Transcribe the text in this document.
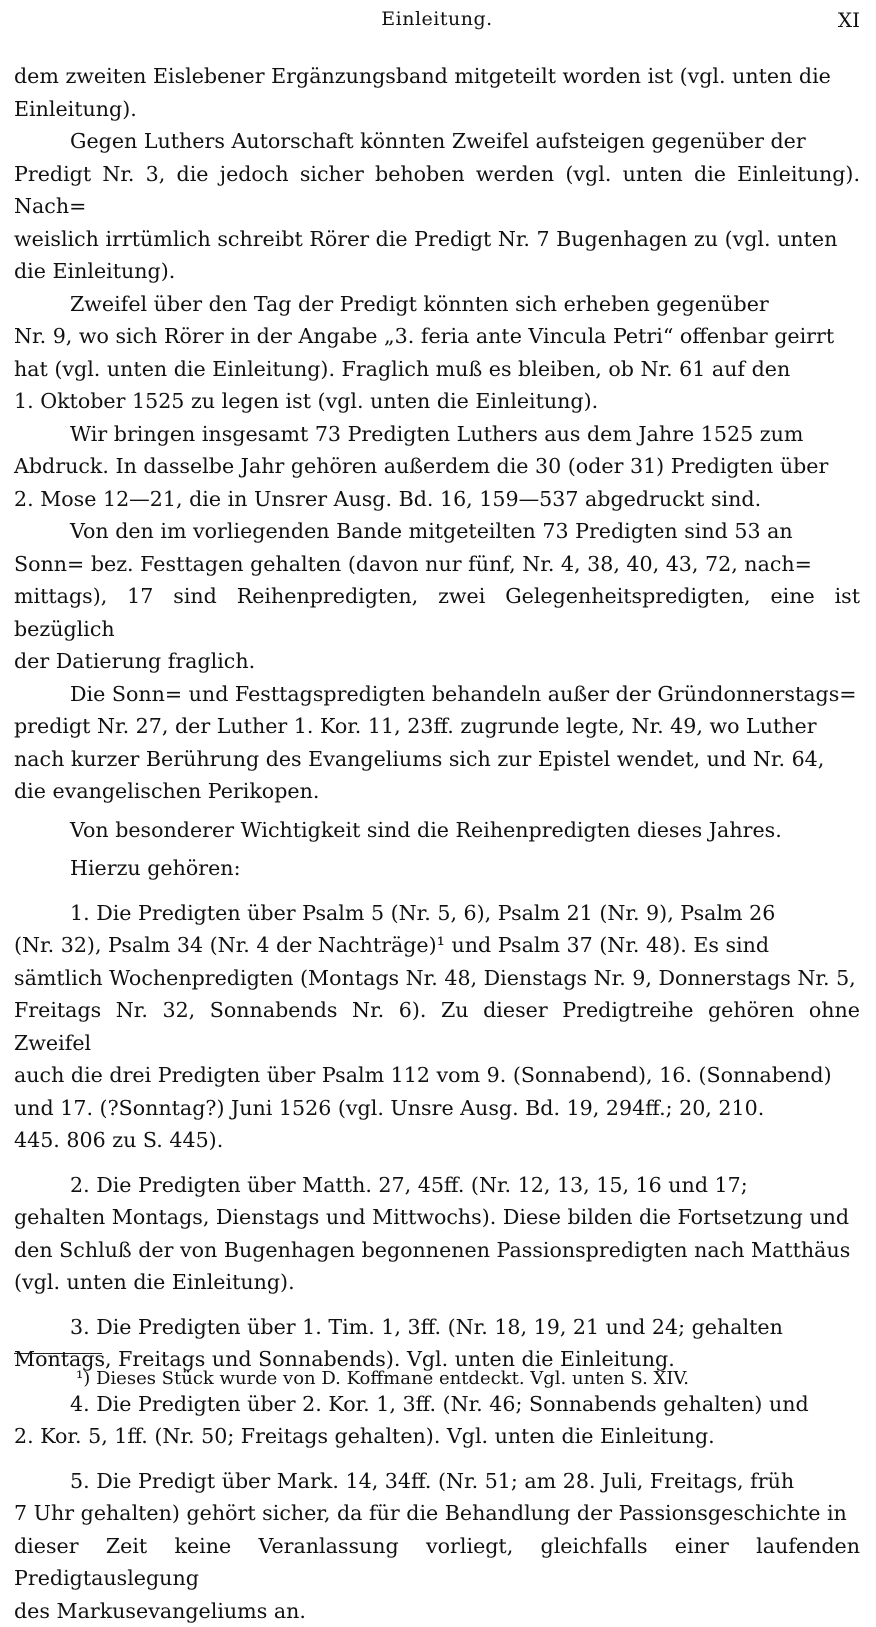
Einleitung.	XI
dem zweiten Eislebener Ergänzungsband mitgeteilt worden ist (vgl. unten die
Einleitung).
Gegen Luthers Autorschaft könnten Zweifel aufsteigen gegenüber der
Predigt Nr. 3, die jedoch sicher behoben werden (vgl. unten die Einleitung). Nach=
weislich irrtümlich schreibt Rörer die Predigt Nr. 7 Bugenhagen zu (vgl. unten
die Einleitung).
Zweifel über den Tag der Predigt könnten sich erheben gegenüber
Nr. 9, wo sich Rörer in der Angabe „3. feria ante Vincula Petri“ offenbar geirrt
hat (vgl. unten die Einleitung). Fraglich muß es bleiben, ob Nr. 61 auf den
1. Oktober 1525 zu legen ist (vgl. unten die Einleitung).
Wir bringen insgesamt 73 Predigten Luthers aus dem Jahre 1525 zum
Abdruck. In dasselbe Jahr gehören außerdem die 30 (oder 31) Predigten über
2. Mose 12—21, die in Unsrer Ausg. Bd. 16, 159—537 abgedruckt sind.
Von den im vorliegenden Bande mitgeteilten 73 Predigten sind 53 an
Sonn= bez. Festtagen gehalten (davon nur fünf, Nr. 4, 38, 40, 43, 72, nach=
mittags), 17 sind Reihenpredigten, zwei Gelegenheitspredigten, eine ist bezüglich
der Datierung fraglich.
Die Sonn= und Festtagspredigten behandeln außer der Gründonnerstags=
predigt Nr. 27, der Luther 1. Kor. 11, 23ff. zugrunde legte, Nr. 49, wo Luther
nach kurzer Berührung des Evangeliums sich zur Epistel wendet, und Nr. 64,
die evangelischen Perikopen.
Von besonderer Wichtigkeit sind die Reihenpredigten dieses Jahres.
Hierzu gehören:
1. Die Predigten über Psalm 5 (Nr. 5, 6), Psalm 21 (Nr. 9), Psalm 26
(Nr. 32), Psalm 34 (Nr. 4 der Nachträge)¹ und Psalm 37 (Nr. 48). Es sind
sämtlich Wochenpredigten (Montags Nr. 48, Dienstags Nr. 9, Donnerstags Nr. 5,
Freitags Nr. 32, Sonnabends Nr. 6). Zu dieser Predigtreihe gehören ohne Zweifel
auch die drei Predigten über Psalm 112 vom 9. (Sonnabend), 16. (Sonnabend)
und 17. (?Sonntag?) Juni 1526 (vgl. Unsre Ausg. Bd. 19, 294ff.; 20, 210.
445. 806 zu S. 445).
2. Die Predigten über Matth. 27, 45ff. (Nr. 12, 13, 15, 16 und 17;
gehalten Montags, Dienstags und Mittwochs). Diese bilden die Fortsetzung und
den Schluß der von Bugenhagen begonnenen Passionspredigten nach Matthäus
(vgl. unten die Einleitung).
3. Die Predigten über 1. Tim. 1, 3ff. (Nr. 18, 19, 21 und 24; gehalten
Montags, Freitags und Sonnabends). Vgl. unten die Einleitung.
4. Die Predigten über 2. Kor. 1, 3ff. (Nr. 46; Sonnabends gehalten) und
2. Kor. 5, 1ff. (Nr. 50; Freitags gehalten). Vgl. unten die Einleitung.
5. Die Predigt über Mark. 14, 34ff. (Nr. 51; am 28. Juli, Freitags, früh
7 Uhr gehalten) gehört sicher, da für die Behandlung der Passionsgeschichte in
dieser Zeit keine Veranlassung vorliegt, gleichfalls einer laufenden Predigtauslegung
des Markusevangeliums an.
¹) Dieses Stück wurde von D. Koffmane entdeckt. Vgl. unten S. XIV.
